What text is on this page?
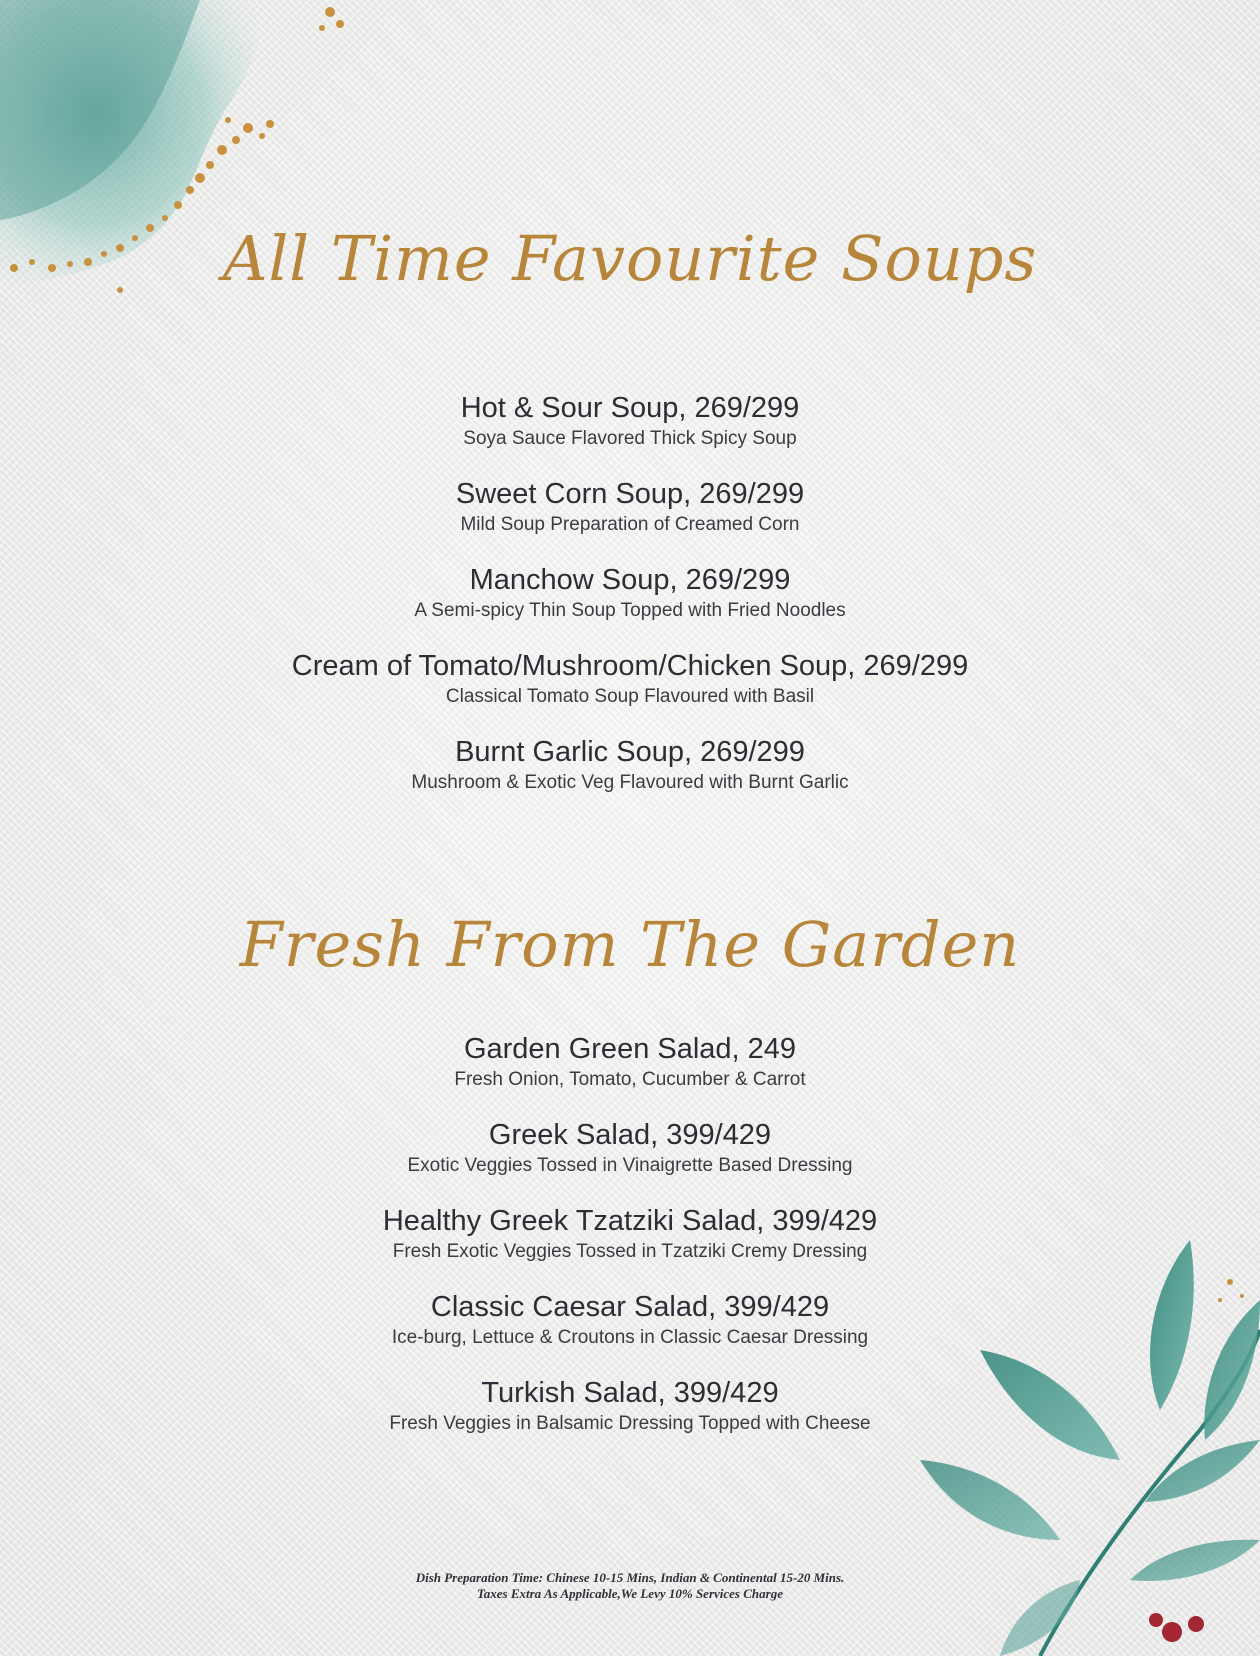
All Time Favourite Soups
Hot & Sour Soup, 269/299
Soya Sauce Flavored Thick Spicy Soup
Sweet Corn Soup, 269/299
Mild Soup Preparation of Creamed Corn
Manchow Soup, 269/299
A Semi-spicy Thin Soup Topped with Fried Noodles
Cream of Tomato/Mushroom/Chicken Soup, 269/299
Classical Tomato Soup Flavoured with Basil
Burnt Garlic Soup, 269/299
Mushroom & Exotic Veg Flavoured with Burnt Garlic
Fresh From The Garden
Garden Green Salad, 249
Fresh Onion, Tomato, Cucumber & Carrot
Greek Salad, 399/429
Exotic Veggies Tossed in Vinaigrette Based Dressing
Healthy Greek Tzatziki Salad, 399/429
Fresh Exotic Veggies Tossed in Tzatziki Cremy Dressing
Classic Caesar Salad, 399/429
Ice-burg, Lettuce & Croutons in Classic Caesar Dressing
Turkish Salad, 399/429
Fresh Veggies in Balsamic Dressing Topped with Cheese
Dish Preparation Time: Chinese 10-15 Mins, Indian & Continental 15-20 Mins.
Taxes Extra As Applicable,We Levy 10% Services Charge
